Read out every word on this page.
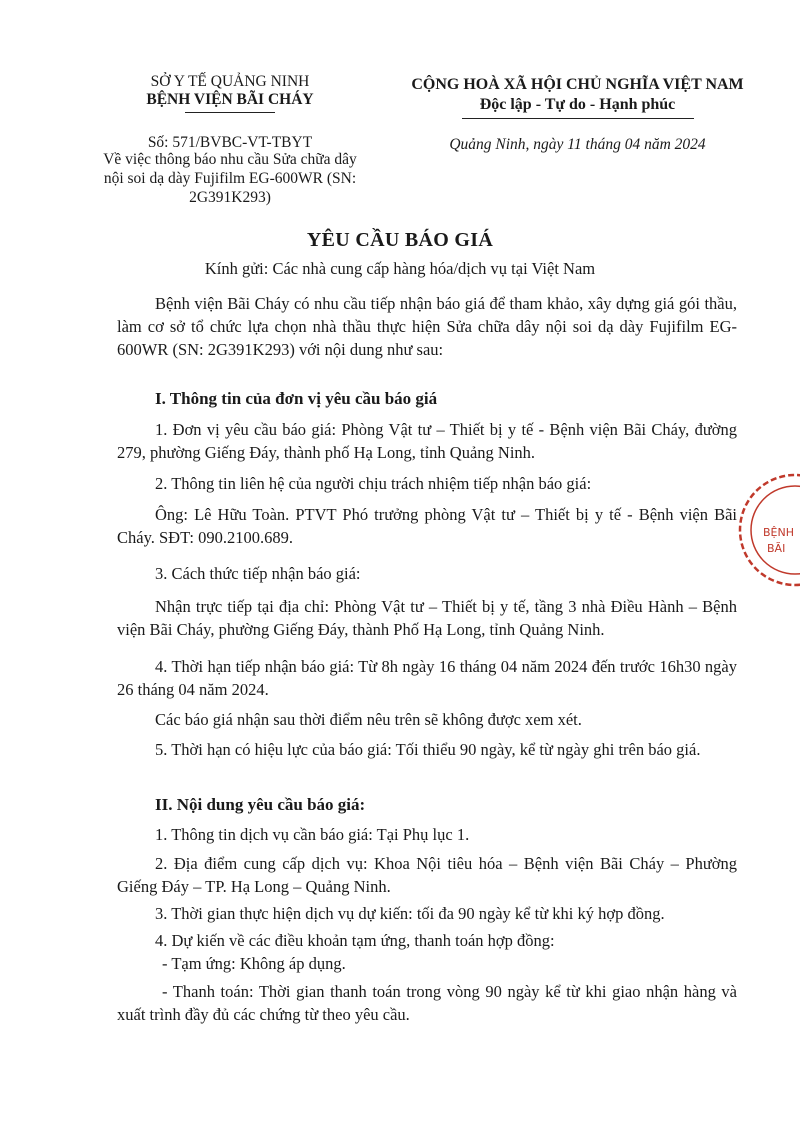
SỞ Y TẾ QUẢNG NINH
BỆNH VIỆN BÃI CHÁY
CỘNG HOÀ XÃ HỘI CHỦ NGHĨA VIỆT NAM
Độc lập - Tự do - Hạnh phúc
Số: 571/BVBC-VT-TBYT
Về việc thông báo nhu cầu Sửa chữa dây nội soi dạ dày Fujifilm EG-600WR (SN: 2G391K293)
Quảng Ninh, ngày 11 tháng 04 năm 2024
YÊU CẦU BÁO GIÁ
Kính gửi: Các nhà cung cấp hàng hóa/dịch vụ tại Việt Nam
Bệnh viện Bãi Cháy có nhu cầu tiếp nhận báo giá để tham khảo, xây dựng giá gói thầu, làm cơ sở tổ chức lựa chọn nhà thầu thực hiện Sửa chữa dây nội soi dạ dày Fujifilm EG-600WR (SN: 2G391K293) với nội dung như sau:
I. Thông tin của đơn vị yêu cầu báo giá
1. Đơn vị yêu cầu báo giá: Phòng Vật tư – Thiết bị y tế - Bệnh viện Bãi Cháy, đường 279, phường Giếng Đáy, thành phố Hạ Long, tỉnh Quảng Ninh.
2. Thông tin liên hệ của người chịu trách nhiệm tiếp nhận báo giá:
Ông: Lê Hữu Toàn. PTVT Phó trưởng phòng Vật tư – Thiết bị y tế - Bệnh viện Bãi Cháy. SĐT: 090.2100.689.
3. Cách thức tiếp nhận báo giá:
Nhận trực tiếp tại địa chỉ: Phòng Vật tư – Thiết bị y tế, tầng 3 nhà Điều Hành – Bệnh viện Bãi Cháy, phường Giếng Đáy, thành Phố Hạ Long, tỉnh Quảng Ninh.
4. Thời hạn tiếp nhận báo giá: Từ 8h ngày 16 tháng 04 năm 2024 đến trước 16h30 ngày 26 tháng 04 năm 2024.
Các báo giá nhận sau thời điểm nêu trên sẽ không được xem xét.
5. Thời hạn có hiệu lực của báo giá: Tối thiểu 90 ngày, kể từ ngày ghi trên báo giá.
II. Nội dung yêu cầu báo giá:
1. Thông tin dịch vụ cần báo giá: Tại Phụ lục 1.
2. Địa điểm cung cấp dịch vụ: Khoa Nội tiêu hóa – Bệnh viện Bãi Cháy – Phường Giếng Đáy – TP. Hạ Long – Quảng Ninh.
3. Thời gian thực hiện dịch vụ dự kiến: tối đa 90 ngày kể từ khi ký hợp đồng.
4. Dự kiến về các điều khoản tạm ứng, thanh toán hợp đồng:
- Tạm ứng: Không áp dụng.
- Thanh toán: Thời gian thanh toán trong vòng 90 ngày kể từ khi giao nhận hàng và xuất trình đầy đủ các chứng từ theo yêu cầu.
BỆNH
BÃI
